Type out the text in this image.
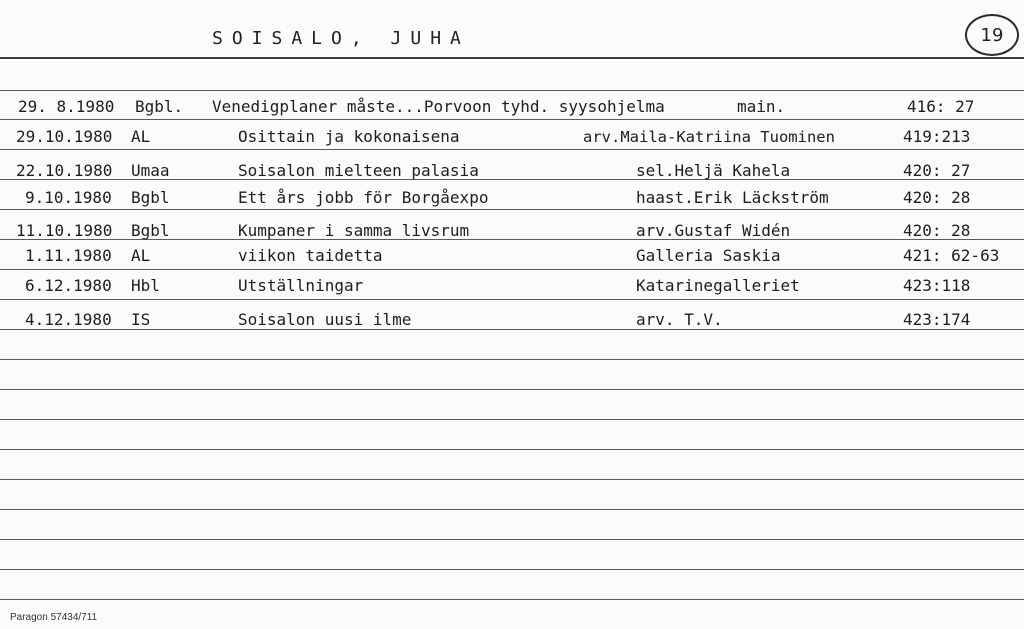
SOISALO, JUHA	19
29. 8.1980 Bgbl. Venedigplaner måste...Porvoon tyhd. syysohjelma	main.	416: 27
29.10.1980 AL	Osittain ja kokonaisena	arv.Maila-Katriina Tuominen	419:213
22.10.1980 Umaa	Soisalon mielteen palasia	sel.Heljä Kahela	420: 27
9.10.1980 Bgbl	Ett års jobb för Borgåexpo	haast.Erik Läckström	420: 28
11.10.1980 Bgbl	Kumpaner i samma livsrum	arv.Gustaf Widén	420: 28
1.11.1980 AL	viikon taidetta	Galleria Saskia	421: 62-63
6.12.1980 Hbl	Utställningar	Katarinegalleriet	423:118
4.12.1980 IS	Soisalon uusi ilme	arv. T.V.	423:174
Paragon 57434/711
